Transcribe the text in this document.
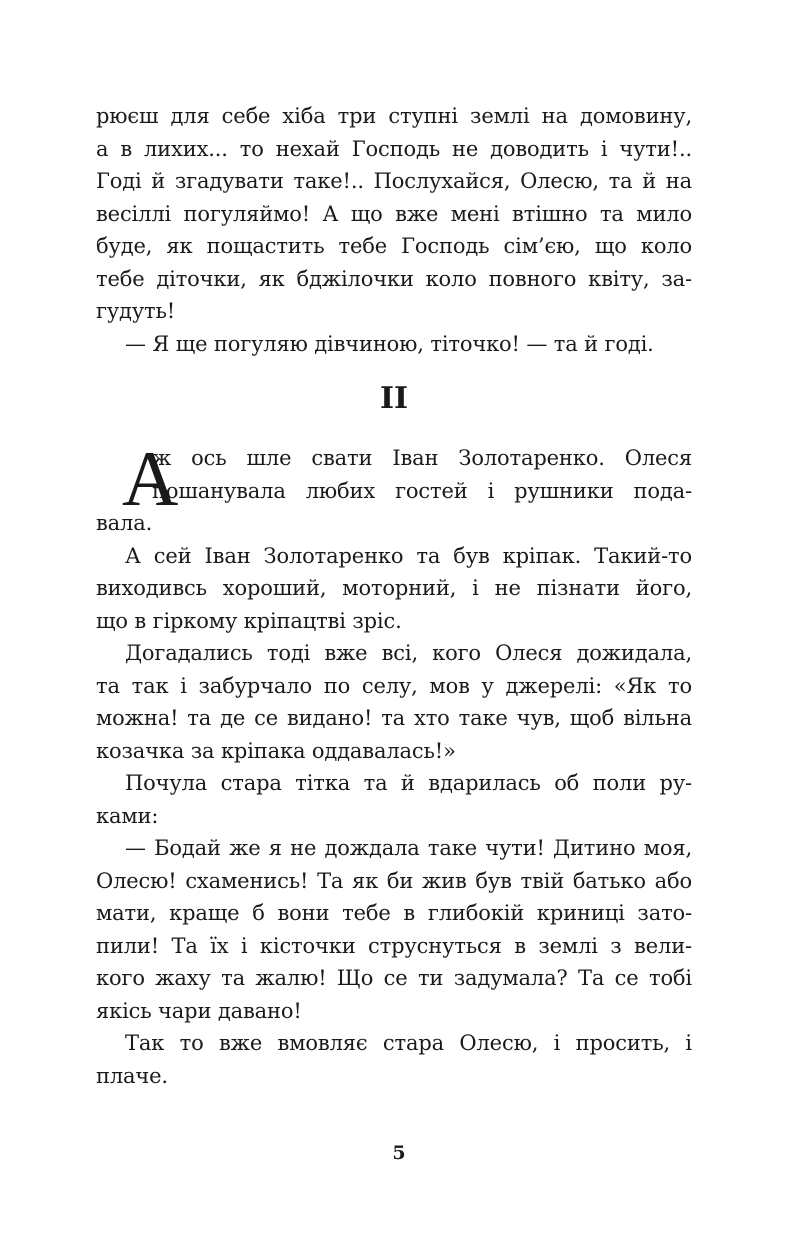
рюєш для себе хіба три ступні землі на домовину,
а в лихих... то нехай Господь не доводить і чути!..
Годі й згадувати таке!.. Послухайся, Олесю, та й на
весіллі погуляймо! А що вже мені втішно та мило
буде, як пощастить тебе Господь сім’єю, що коло
тебе діточки, як бджілочки коло повного квіту, за-
гудуть!
— Я ще погуляю дівчиною, тіточко! — та й годі.
II
А
ж ось шле свати Іван Золотаренко. Олеся
пошанувала любих гостей і рушники пода-
вала.
А сей Іван Золотаренко та був кріпак. Такий-то
виходивсь хороший, моторний, і не пізнати його,
що в гіркому кріпацтві зріс.
Догадались тоді вже всі, кого Олеся дожидала,
та так і забурчало по селу, мов у джерелі: «Як то
можна! та де се видано! та хто таке чув, щоб вільна
козачка за кріпака оддавалась!»
Почула стара тітка та й вдарилась об поли ру-
ками:
— Бодай же я не дождала таке чути! Дитино моя,
Олесю! схаменись! Та як би жив був твій батько або
мати, краще б вони тебе в глибокій криниці зато-
пили! Та їх і кісточки струснуться в землі з вели-
кого жаху та жалю! Що се ти задумала? Та се тобі
якісь чари давано!
Так то вже вмовляє стара Олесю, і просить, і
плаче.
5
